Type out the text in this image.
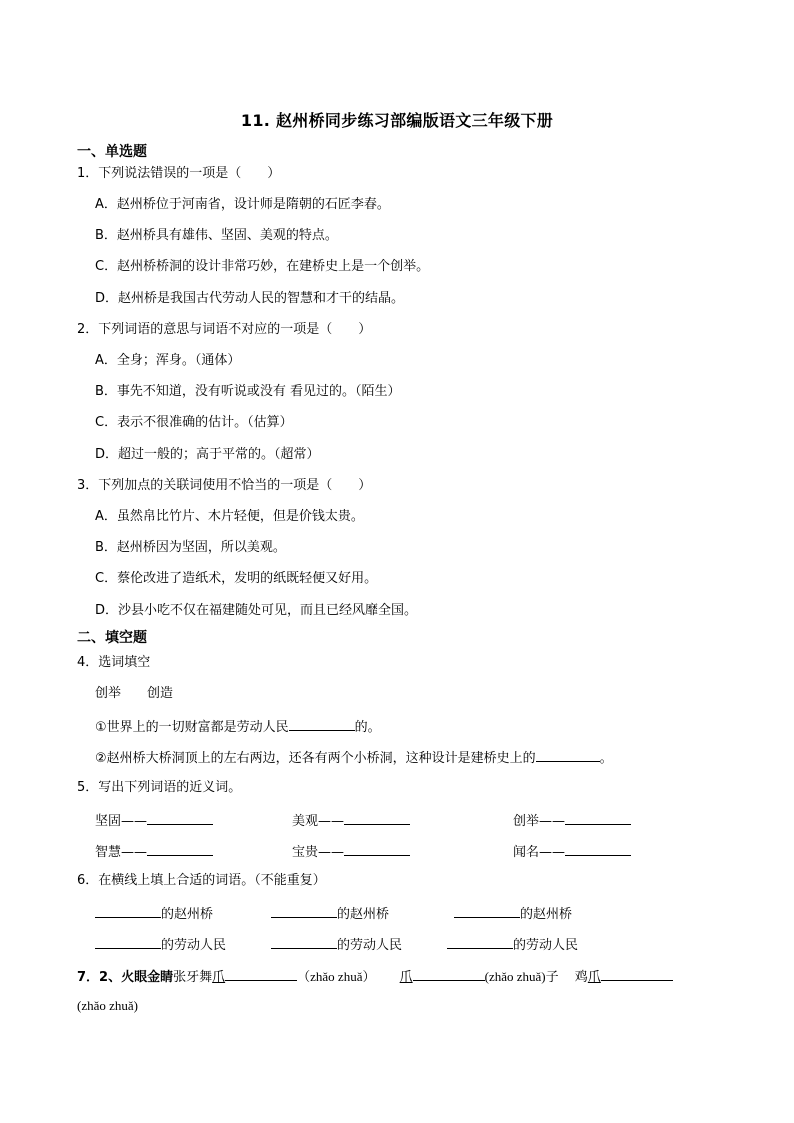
11. 赵州桥同步练习部编版语文三年级下册
一、单选题
1．下列说法错误的一项是（　　）
A．赵州桥位于河南省，设计师是隋朝的石匠李春。
B．赵州桥具有雄伟、坚固、美观的特点。
C．赵州桥桥洞的设计非常巧妙，在建桥史上是一个创举。
D．赵州桥是我国古代劳动人民的智慧和才干的结晶。
2．下列词语的意思与词语不对应的一项是（　　）
A．全身；浑身。（通体）
B．事先不知道，没有听说或没有 看见过的。（陌生）
C．表示不很准确的估计。（估算）
D．超过一般的；高于平常的。（超常）
3．下列加点的关联词使用不恰当的一项是（　　）
A．虽然帛比竹片、木片轻便，但是价钱太贵。
B．赵州桥因为坚固，所以美观。
C．蔡伦改进了造纸术，发明的纸既轻便又好用。
D．沙县小吃不仅在福建随处可见，而且已经风靡全国。
二、填空题
4．选词填空
创举　　创造
①世界上的一切财富都是劳动人民	的。
②赵州桥大桥洞顶上的左右两边，还各有两个小桥洞，这种设计是建桥史上的	。
5．写出下列词语的近义词。
坚固——	美观——	创举——
智慧——	宝贵——	闻名——
6．在横线上填上合适的词语。（不能重复）
的赵州桥	的赵州桥	的赵州桥
的劳动人民	的劳动人民	的劳动人民
7．2、火眼金睛张牙舞爪	（zhǎo zhuǎ） 爪	(zhǎo zhuǎ)子 鸡爪
(zhǎo zhuǎ)
